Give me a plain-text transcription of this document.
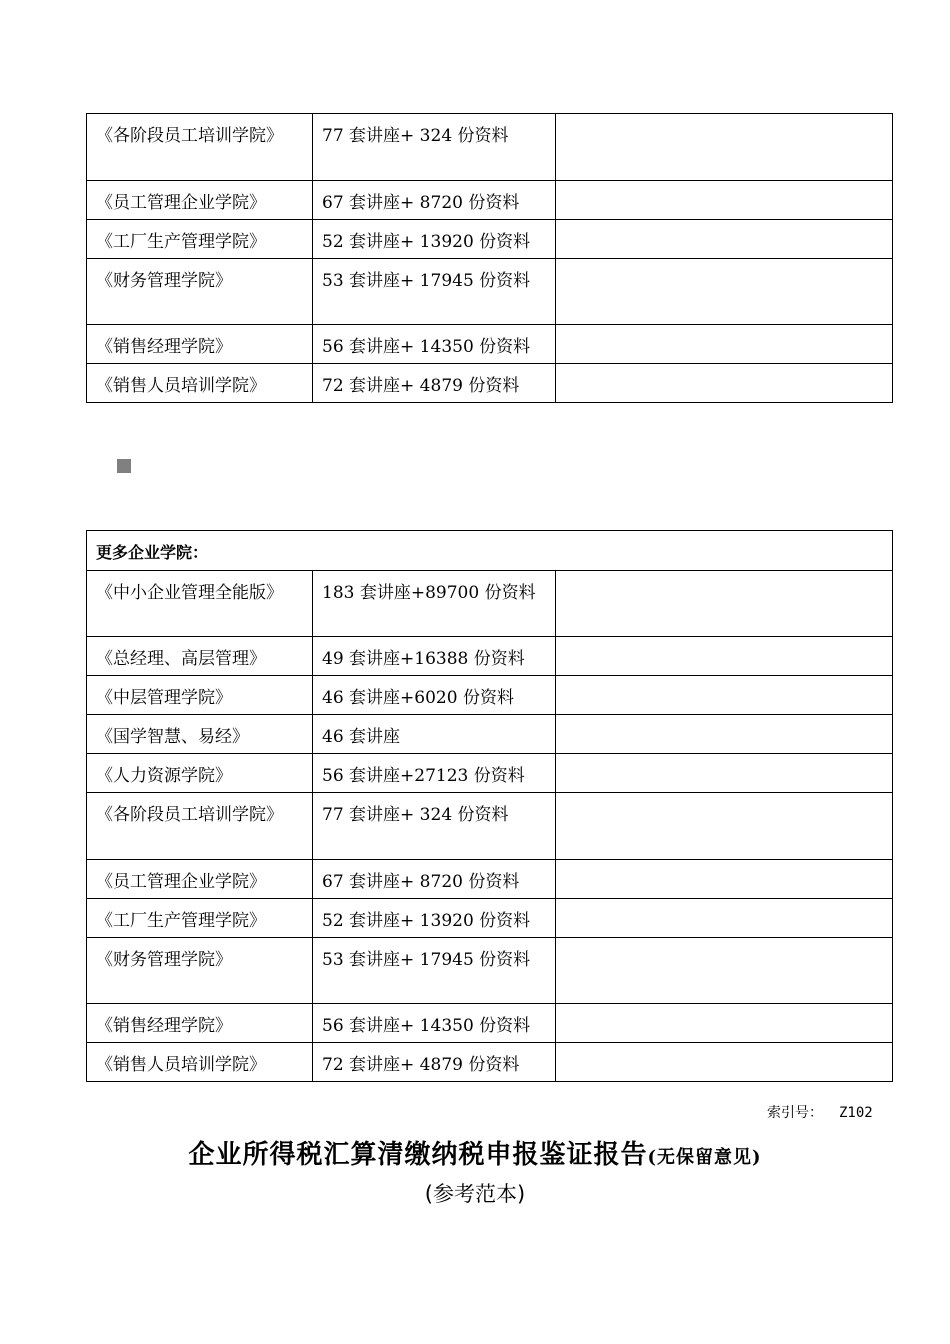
《各阶段员工培训学院》	77 套讲座+ 324 份资料	
《员工管理企业学院》	67 套讲座+ 8720 份资料	
《工厂生产管理学院》	52 套讲座+ 13920 份资料	
《财务管理学院》	53 套讲座+ 17945 份资料	
《销售经理学院》	56 套讲座+ 14350 份资料	
《销售人员培训学院》	72 套讲座+ 4879 份资料	
更多企业学院：		
《中小企业管理全能版》	183 套讲座+89700 份资料	
《总经理、高层管理》	49 套讲座+16388 份资料	
《中层管理学院》	46 套讲座+6020 份资料	
《国学智慧、易经》	46 套讲座	
《人力资源学院》	56 套讲座+27123 份资料	
《各阶段员工培训学院》	77 套讲座+ 324 份资料	
《员工管理企业学院》	67 套讲座+ 8720 份资料	
《工厂生产管理学院》	52 套讲座+ 13920 份资料	
《财务管理学院》	53 套讲座+ 17945 份资料	
《销售经理学院》	56 套讲座+ 14350 份资料	
《销售人员培训学院》	72 套讲座+ 4879 份资料	
索引号： Z102
企业所得税汇算清缴纳税申报鉴证报告(无保留意见)
(参考范本)
